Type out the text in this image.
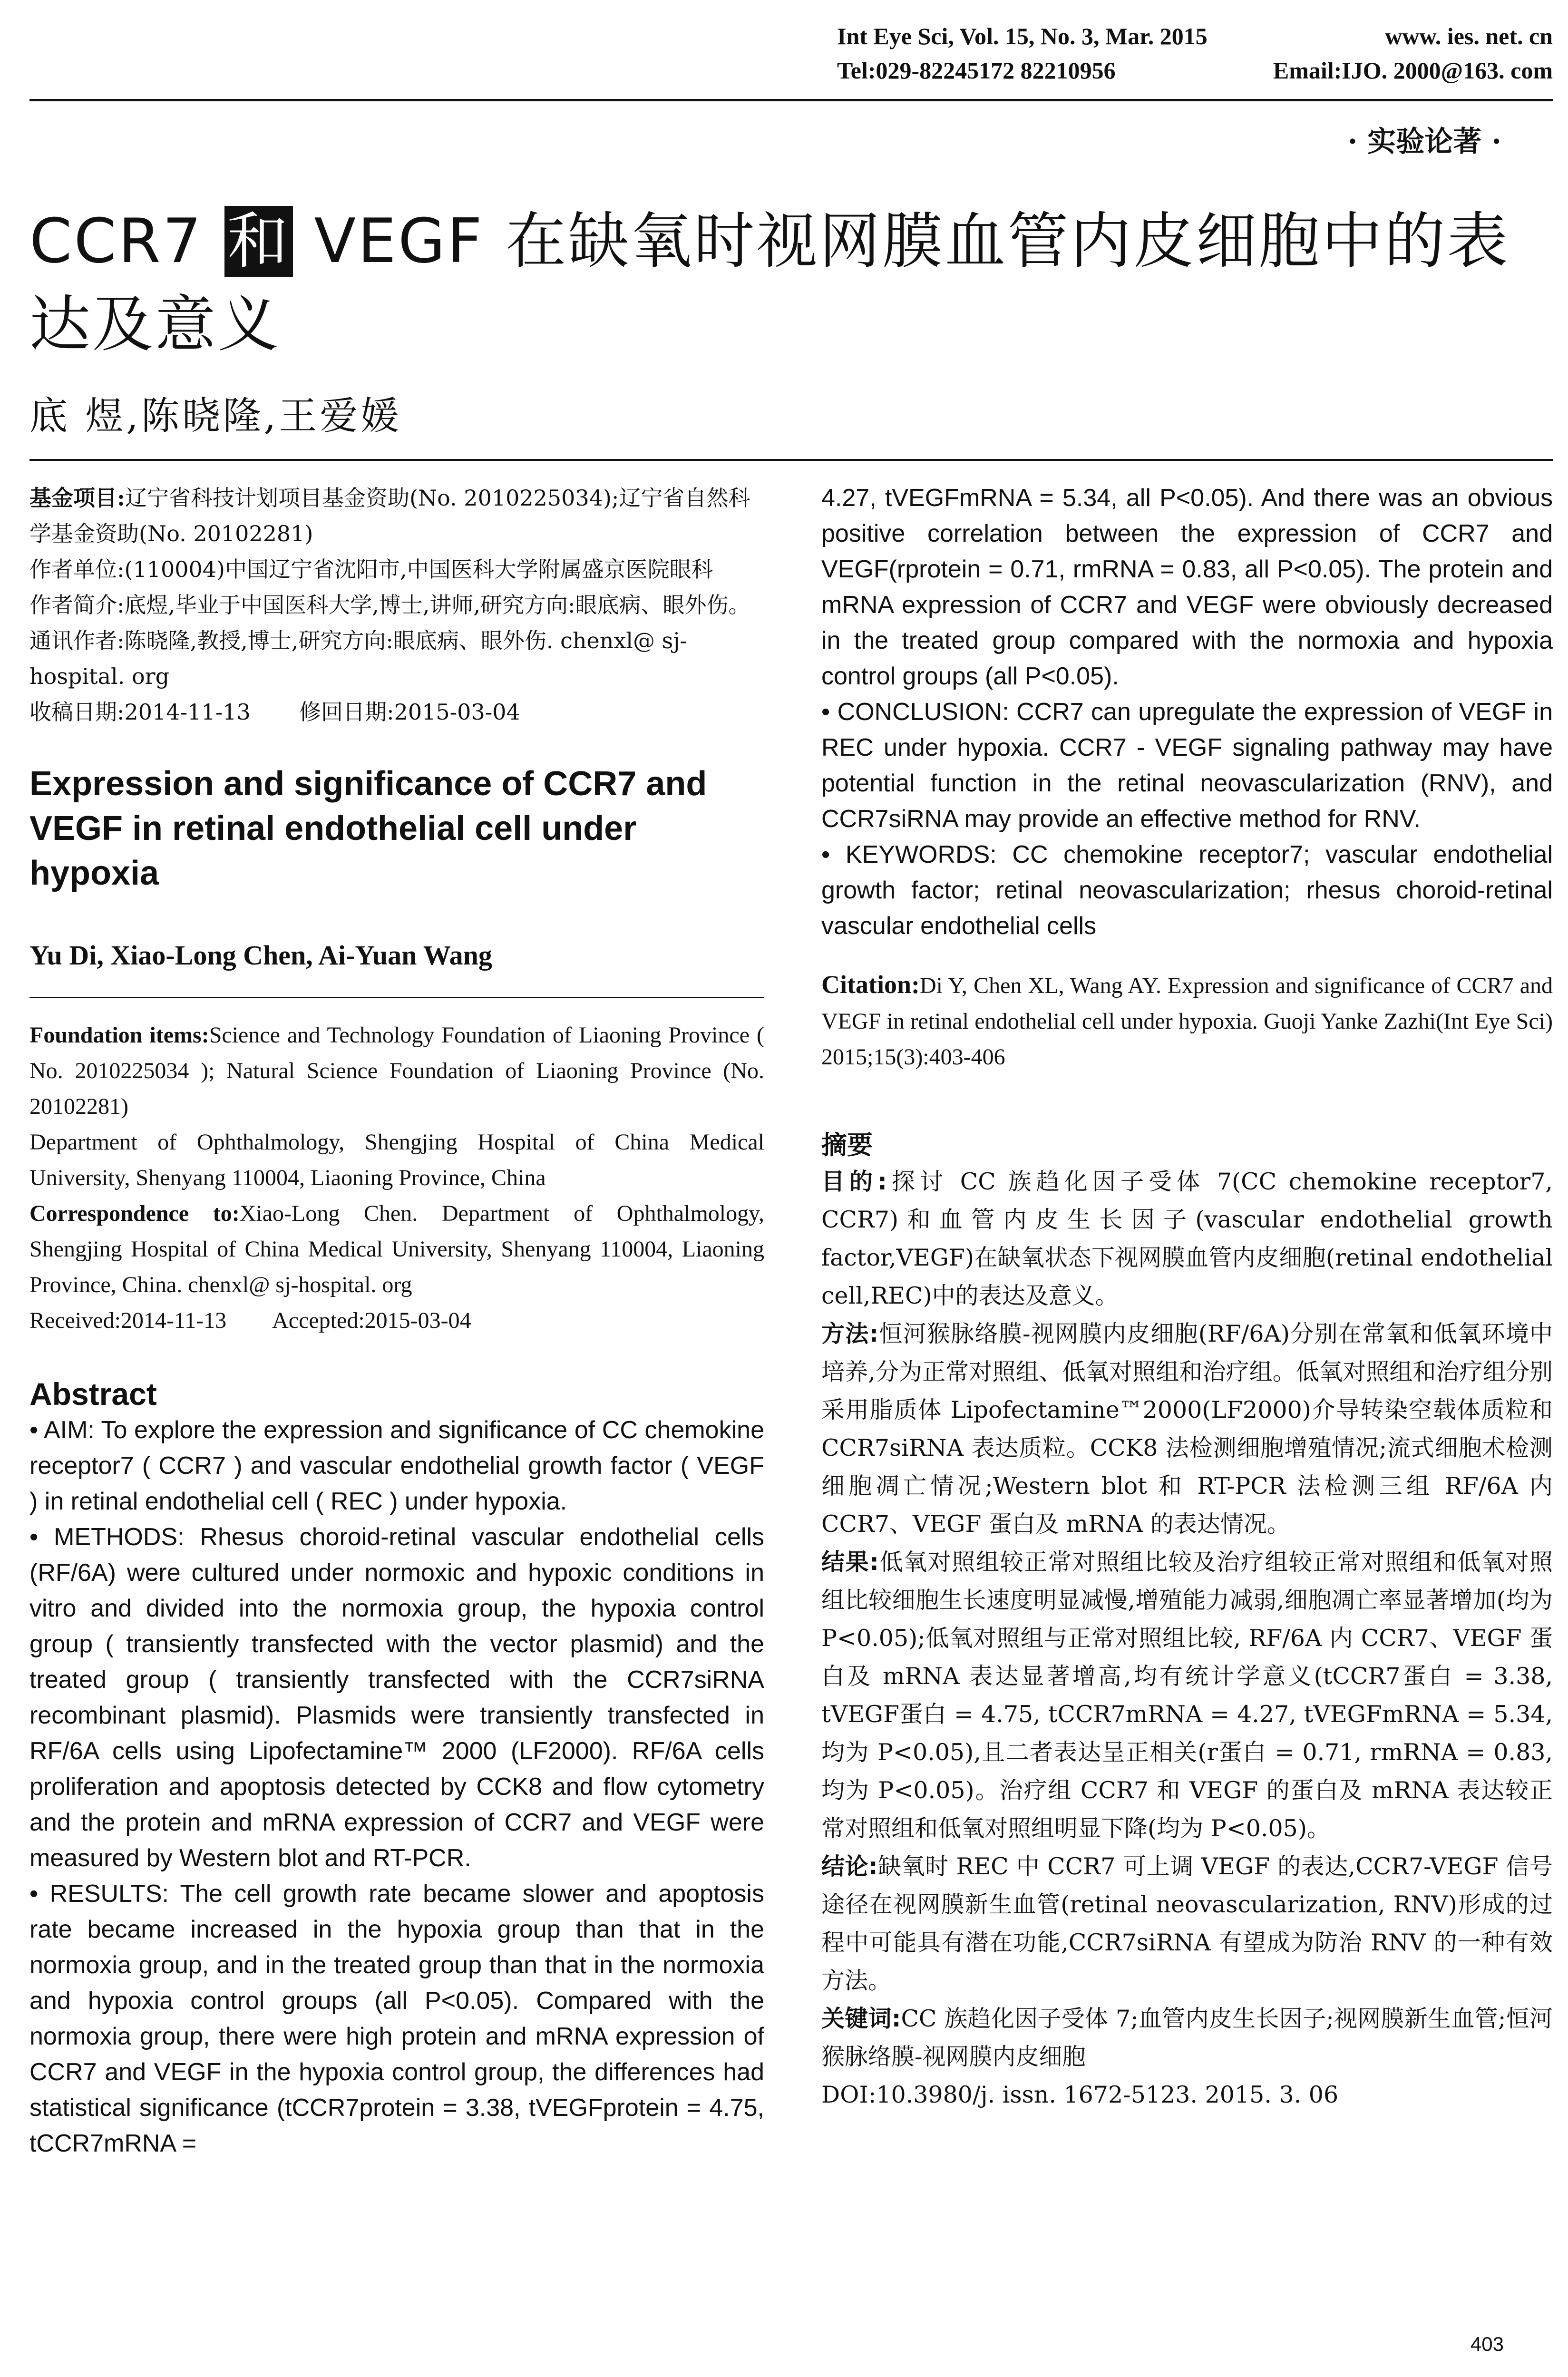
Int Eye Sci, Vol. 15, No. 3, Mar. 2015	www. ies. net. cn
Tel:029-82245172 82210956	Email:IJO. 2000@163. com
· 实验论著 ·
CCR7 和 VEGF 在缺氧时视网膜血管内皮细胞中的表达及意义
底 煜,陈晓隆,王爱媛

基金项目:辽宁省科技计划项目基金资助(No. 2010225034);辽宁省自然科学基金资助(No. 20102281)

作者单位:(110004)中国辽宁省沈阳市,中国医科大学附属盛京医院眼科

作者简介:底煜,毕业于中国医科大学,博士,讲师,研究方向:眼底病、眼外伤。

通讯作者:陈晓隆,教授,博士,研究方向:眼底病、眼外伤. chenxl@ sj-hospital. org

收稿日期:2014-11-13 修回日期:2015-03-04

Expression and significance of CCR7 and VEGF in retinal endothelial cell under hypoxia
Yu Di, Xiao-Long Chen, Ai-Yuan Wang

Foundation items:Science and Technology Foundation of Liaoning Province ( No. 2010225034 ); Natural Science Foundation of Liaoning Province (No. 20102281)

Department of Ophthalmology, Shengjing Hospital of China Medical University, Shenyang 110004, Liaoning Province, China

Correspondence to:Xiao-Long Chen. Department of Ophthalmology, Shengjing Hospital of China Medical University, Shenyang 110004, Liaoning Province, China. chenxl@ sj-hospital. org

Received:2014-11-13 Accepted:2015-03-04

Abstract

• AIM: To explore the expression and significance of CC chemokine receptor7 ( CCR7 ) and vascular endothelial growth factor ( VEGF ) in retinal endothelial cell ( REC ) under hypoxia.

• METHODS: Rhesus choroid-retinal vascular endothelial cells (RF/6A) were cultured under normoxic and hypoxic conditions in vitro and divided into the normoxia group, the hypoxia control group ( transiently transfected with the vector plasmid) and the treated group ( transiently transfected with the CCR7siRNA recombinant plasmid). Plasmids were transiently transfected in RF/6A cells using Lipofectamine™ 2000 (LF2000). RF/6A cells proliferation and apoptosis detected by CCK8 and flow cytometry and the protein and mRNA expression of CCR7 and VEGF were measured by Western blot and RT-PCR.

• RESULTS: The cell growth rate became slower and apoptosis rate became increased in the hypoxia group than that in the normoxia group, and in the treated group than that in the normoxia and hypoxia control groups (all P<0.05). Compared with the normoxia group, there were high protein and mRNA expression of CCR7 and VEGF in the hypoxia control group, the differences had statistical significance (tCCR7protein = 3.38, tVEGFprotein = 4.75, tCCR7mRNA =

4.27, tVEGFmRNA = 5.34, all P<0.05). And there was an obvious positive correlation between the expression of CCR7 and VEGF(rprotein = 0.71, rmRNA = 0.83, all P<0.05). The protein and mRNA expression of CCR7 and VEGF were obviously decreased in the treated group compared with the normoxia and hypoxia control groups (all P<0.05).

• CONCLUSION: CCR7 can upregulate the expression of VEGF in REC under hypoxia. CCR7 - VEGF signaling pathway may have potential function in the retinal neovascularization (RNV), and CCR7siRNA may provide an effective method for RNV.

• KEYWORDS: CC chemokine receptor7; vascular endothelial growth factor; retinal neovascularization; rhesus choroid-retinal vascular endothelial cells

Citation:Di Y, Chen XL, Wang AY. Expression and significance of CCR7 and VEGF in retinal endothelial cell under hypoxia. Guoji Yanke Zazhi(Int Eye Sci) 2015;15(3):403-406
摘要

目的:探讨 CC 族趋化因子受体 7(CC chemokine receptor7, CCR7)和血管内皮生长因子(vascular endothelial growth factor,VEGF)在缺氧状态下视网膜血管内皮细胞(retinal endothelial cell,REC)中的表达及意义。

方法:恒河猴脉络膜-视网膜内皮细胞(RF/6A)分别在常氧和低氧环境中培养,分为正常对照组、低氧对照组和治疗组。低氧对照组和治疗组分别采用脂质体 Lipofectamine™2000(LF2000)介导转染空载体质粒和 CCR7siRNA 表达质粒。CCK8 法检测细胞增殖情况;流式细胞术检测细胞凋亡情况;Western blot 和 RT-PCR 法检测三组 RF/6A 内 CCR7、VEGF 蛋白及 mRNA 的表达情况。

结果:低氧对照组较正常对照组比较及治疗组较正常对照组和低氧对照组比较细胞生长速度明显减慢,增殖能力减弱,细胞凋亡率显著增加(均为 P<0.05);低氧对照组与正常对照组比较, RF/6A 内 CCR7、VEGF 蛋白及 mRNA 表达显著增高,均有统计学意义(tCCR7蛋白 = 3.38, tVEGF蛋白 = 4.75, tCCR7mRNA = 4.27, tVEGFmRNA = 5.34, 均为 P<0.05),且二者表达呈正相关(r蛋白 = 0.71, rmRNA = 0.83, 均为 P<0.05)。治疗组 CCR7 和 VEGF 的蛋白及 mRNA 表达较正常对照组和低氧对照组明显下降(均为 P<0.05)。

结论:缺氧时 REC 中 CCR7 可上调 VEGF 的表达,CCR7-VEGF 信号途径在视网膜新生血管(retinal neovascularization, RNV)形成的过程中可能具有潜在功能,CCR7siRNA 有望成为防治 RNV 的一种有效方法。

关键词:CC 族趋化因子受体 7;血管内皮生长因子;视网膜新生血管;恒河猴脉络膜-视网膜内皮细胞

DOI:10.3980/j. issn. 1672-5123. 2015. 3. 06

403
